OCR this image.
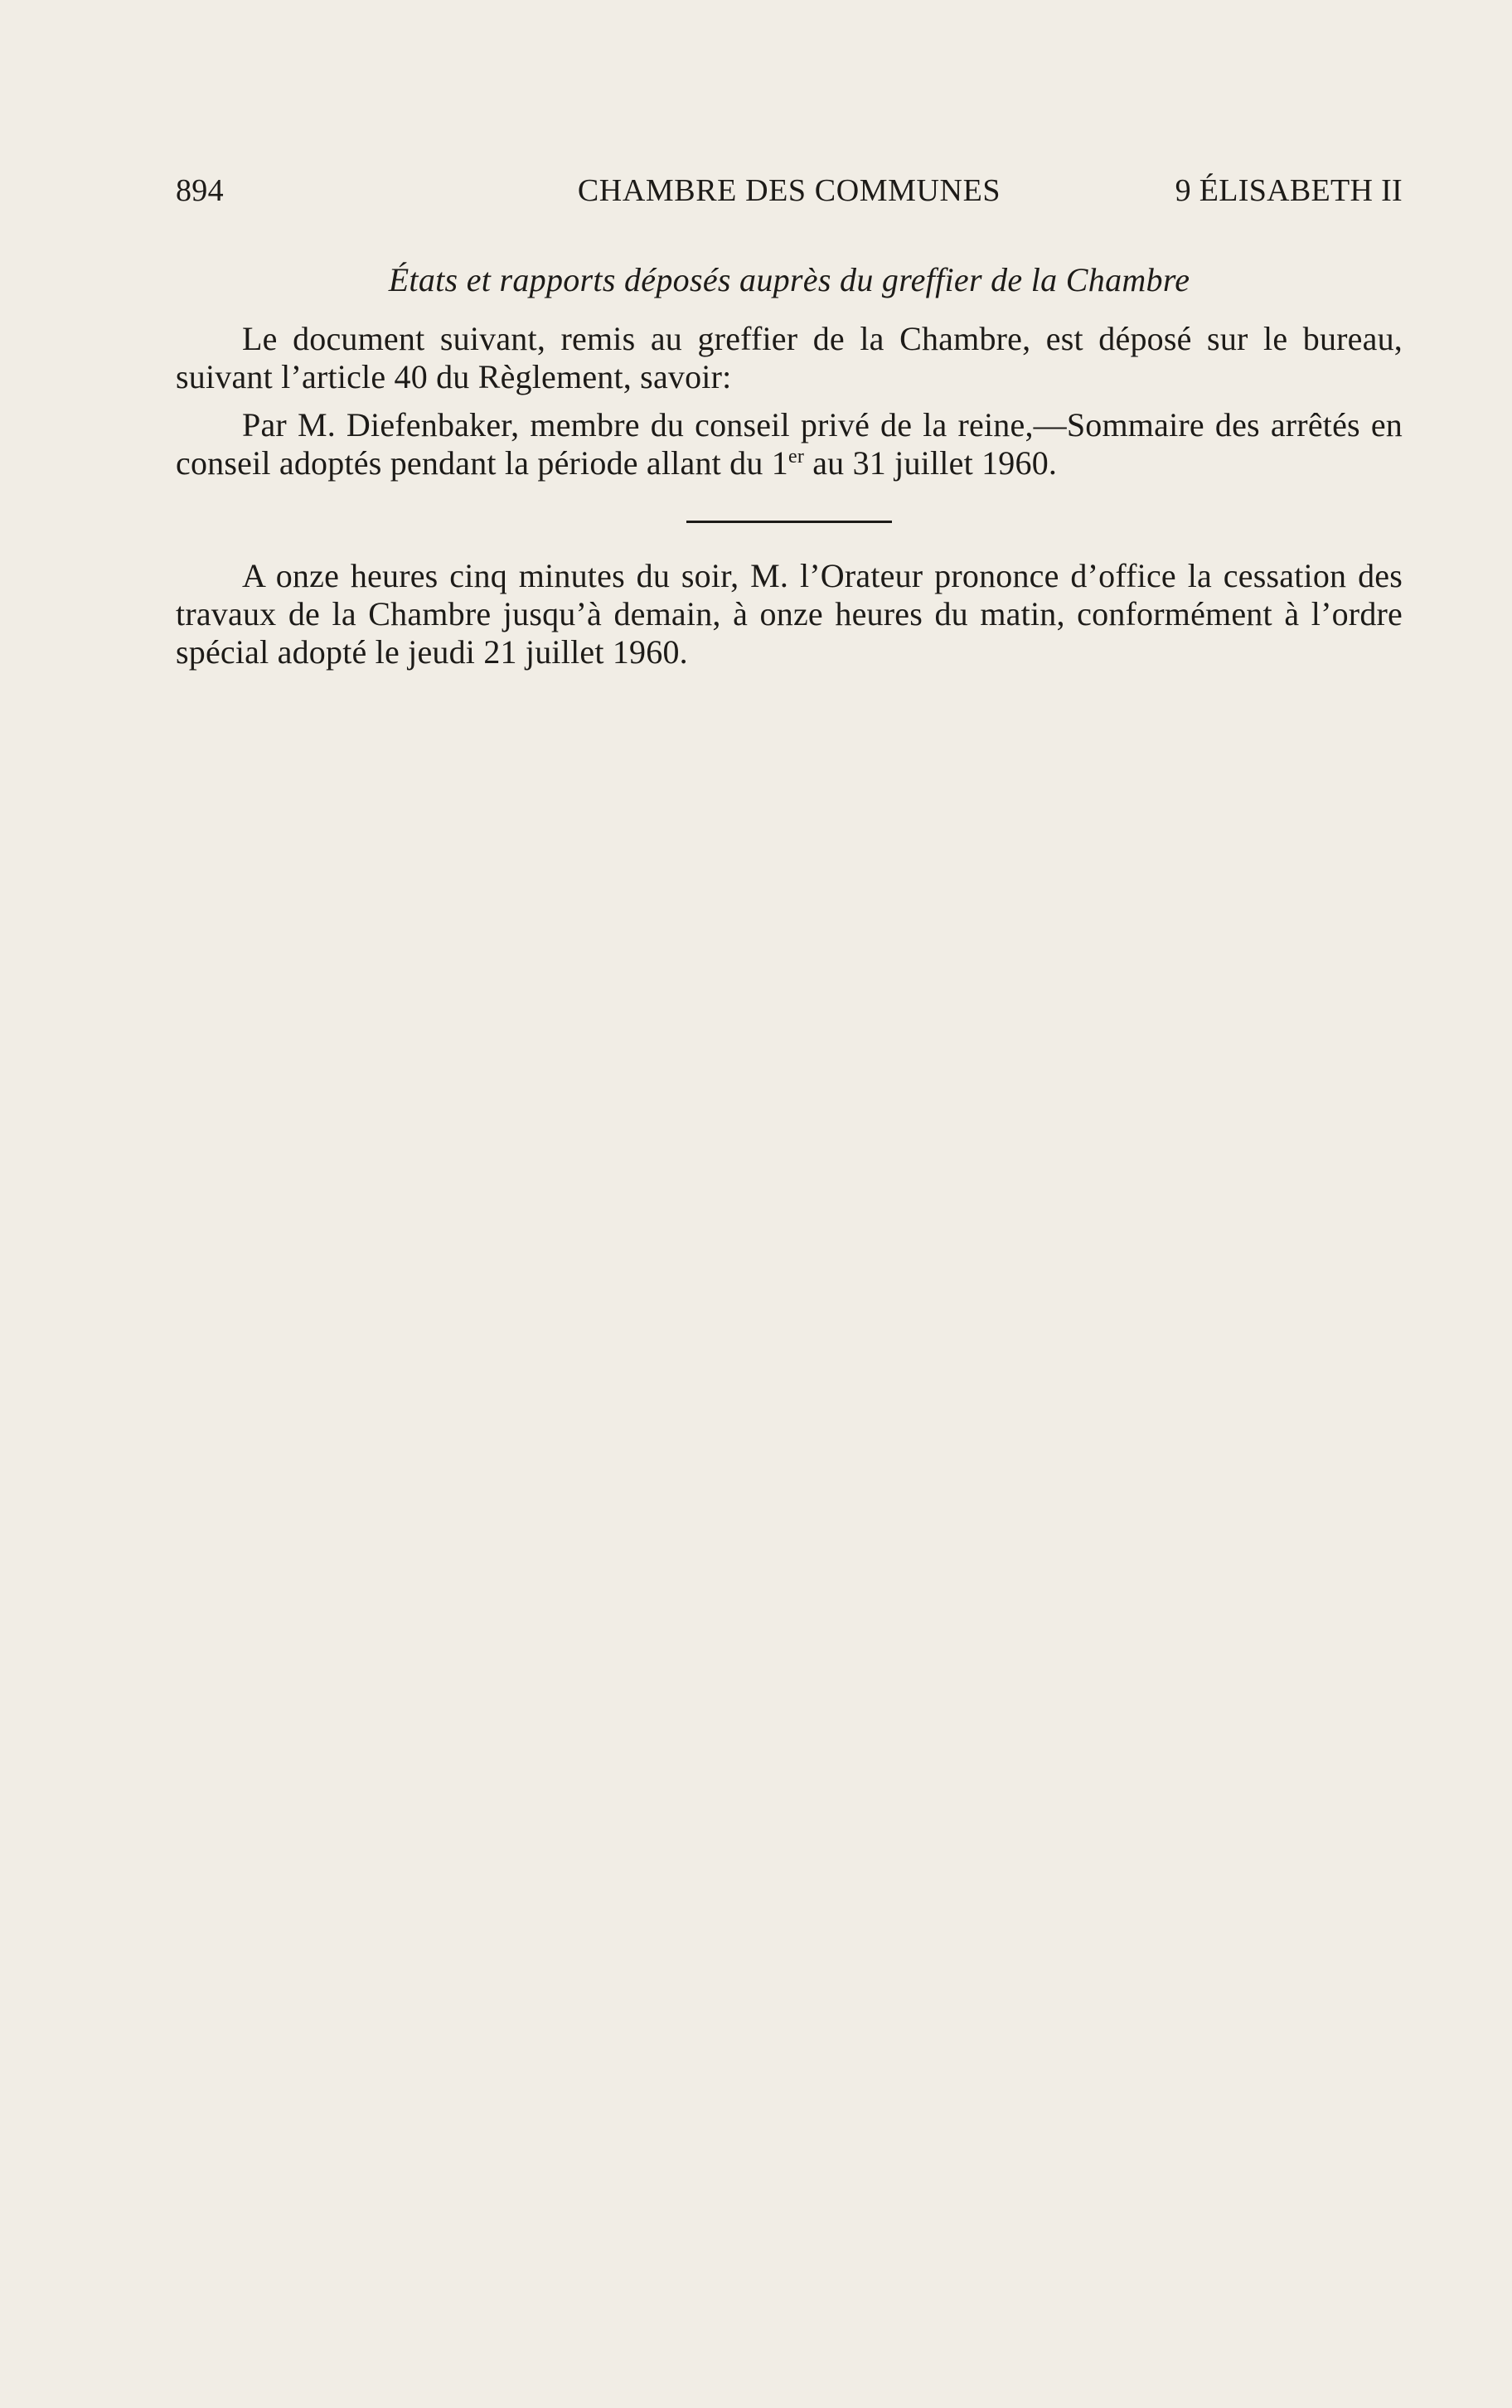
894	CHAMBRE DES COMMUNES	9 ÉLISABETH II
États et rapports déposés auprès du greffier de la Chambre

Le document suivant, remis au greffier de la Chambre, est déposé sur le bureau, suivant l’article 40 du Règlement, savoir:

Par M. Diefenbaker, membre du conseil privé de la reine,—Sommaire des arrêtés en conseil adoptés pendant la période allant du 1er au 31 juillet 1960.

A onze heures cinq minutes du soir, M. l’Orateur prononce d’office la cessation des travaux de la Chambre jusqu’à demain, à onze heures du matin, conformément à l’ordre spécial adopté le jeudi 21 juillet 1960.
